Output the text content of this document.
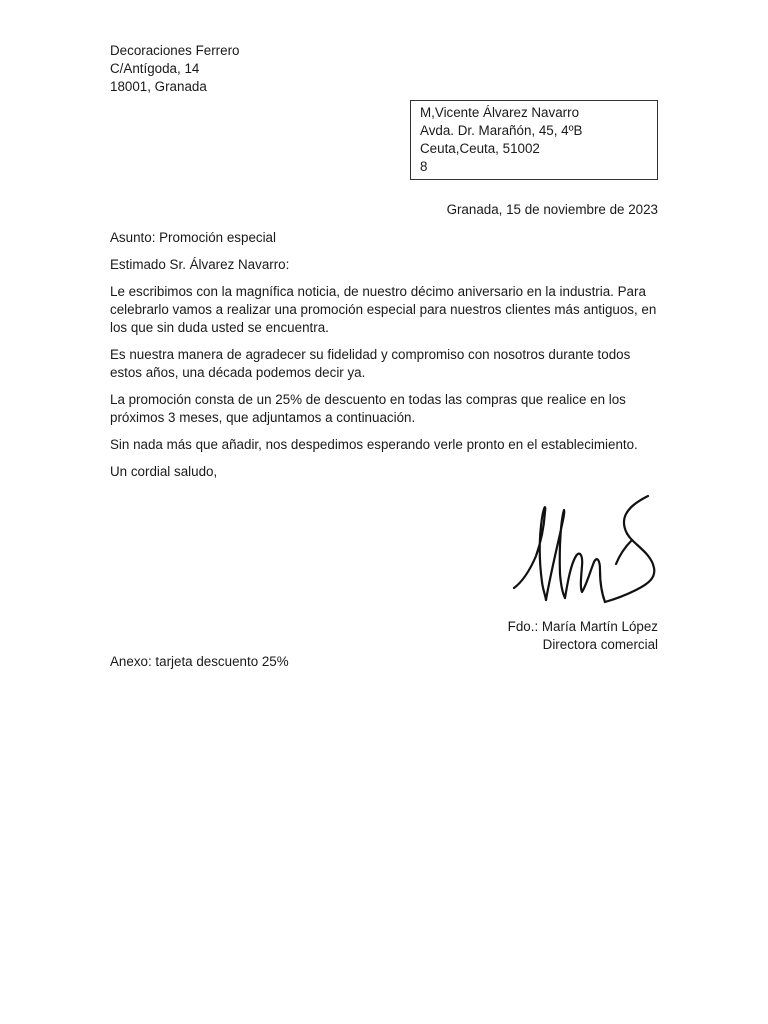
Decoraciones Ferrero
C/Antígoda, 14
18001, Granada
M,Vicente Álvarez Navarro
Avda. Dr. Marañón, 45, 4ºB
Ceuta,Ceuta, 51002
8
Granada, 15 de noviembre de 2023

Asunto: Promoción especial

Estimado Sr. Álvarez Navarro:

Le escribimos con la magnífica noticia, de nuestro décimo aniversario en la industria. Para celebrarlo vamos a realizar una promoción especial para nuestros clientes más antiguos, en los que sin duda usted se encuentra.

Es nuestra manera de agradecer su fidelidad y compromiso con nosotros durante todos estos años, una década podemos decir ya.

La promoción consta de un 25% de descuento en todas las compras que realice en los próximos 3 meses, que adjuntamos a continuación.

Sin nada más que añadir, nos despedimos esperando verle pronto en el establecimiento.

Un cordial saludo,

Fdo.: María Martín López
Directora comercial
Anexo: tarjeta descuento 25%
